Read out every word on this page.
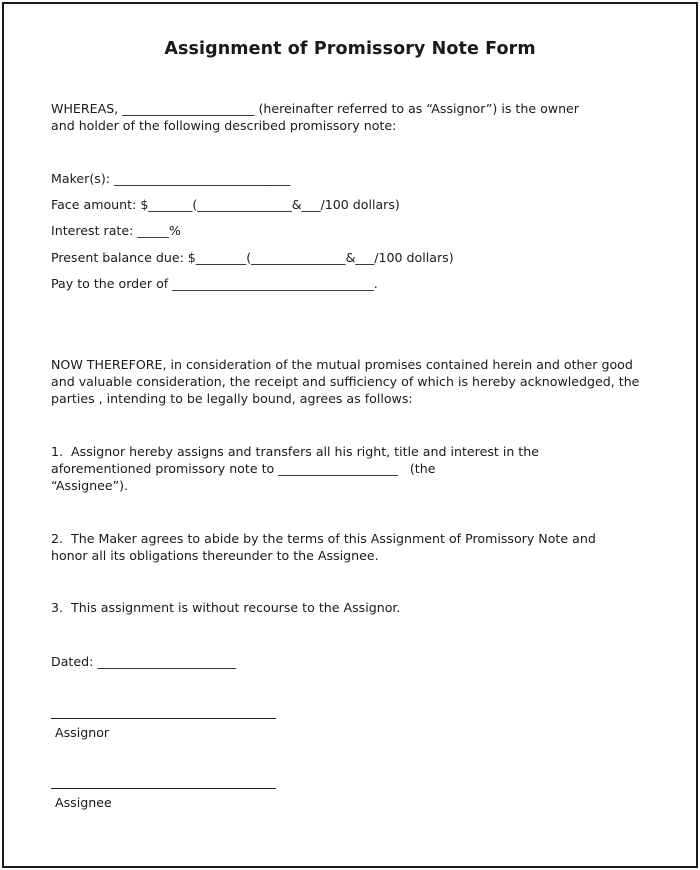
Assignment of Promissory Note Form
WHEREAS, _____________________ (hereinafter referred to as “Assignor”) is the owner
and holder of the following described promissory note:
Maker(s): ____________________________
Face amount: $_______(_______________&___/100 dollars)
Interest rate: _____%
Present balance due: $________(_______________&___/100 dollars)
Pay to the order of ________________________________.
NOW THEREFORE, in consideration of the mutual promises contained herein and other good
and valuable consideration, the receipt and sufficiency of which is hereby acknowledged, the
parties , intending to be legally bound, agrees as follows:
1.  Assignor hereby assigns and transfers all his right, title and interest in the
aforementioned promissory note to ___________________   (the
“Assignee”).
2.  The Maker agrees to abide by the terms of this Assignment of Promissory Note and
honor all its obligations thereunder to the Assignee.
3.  This assignment is without recourse to the Assignor.
Dated: ______________________
Assignor
Assignee
